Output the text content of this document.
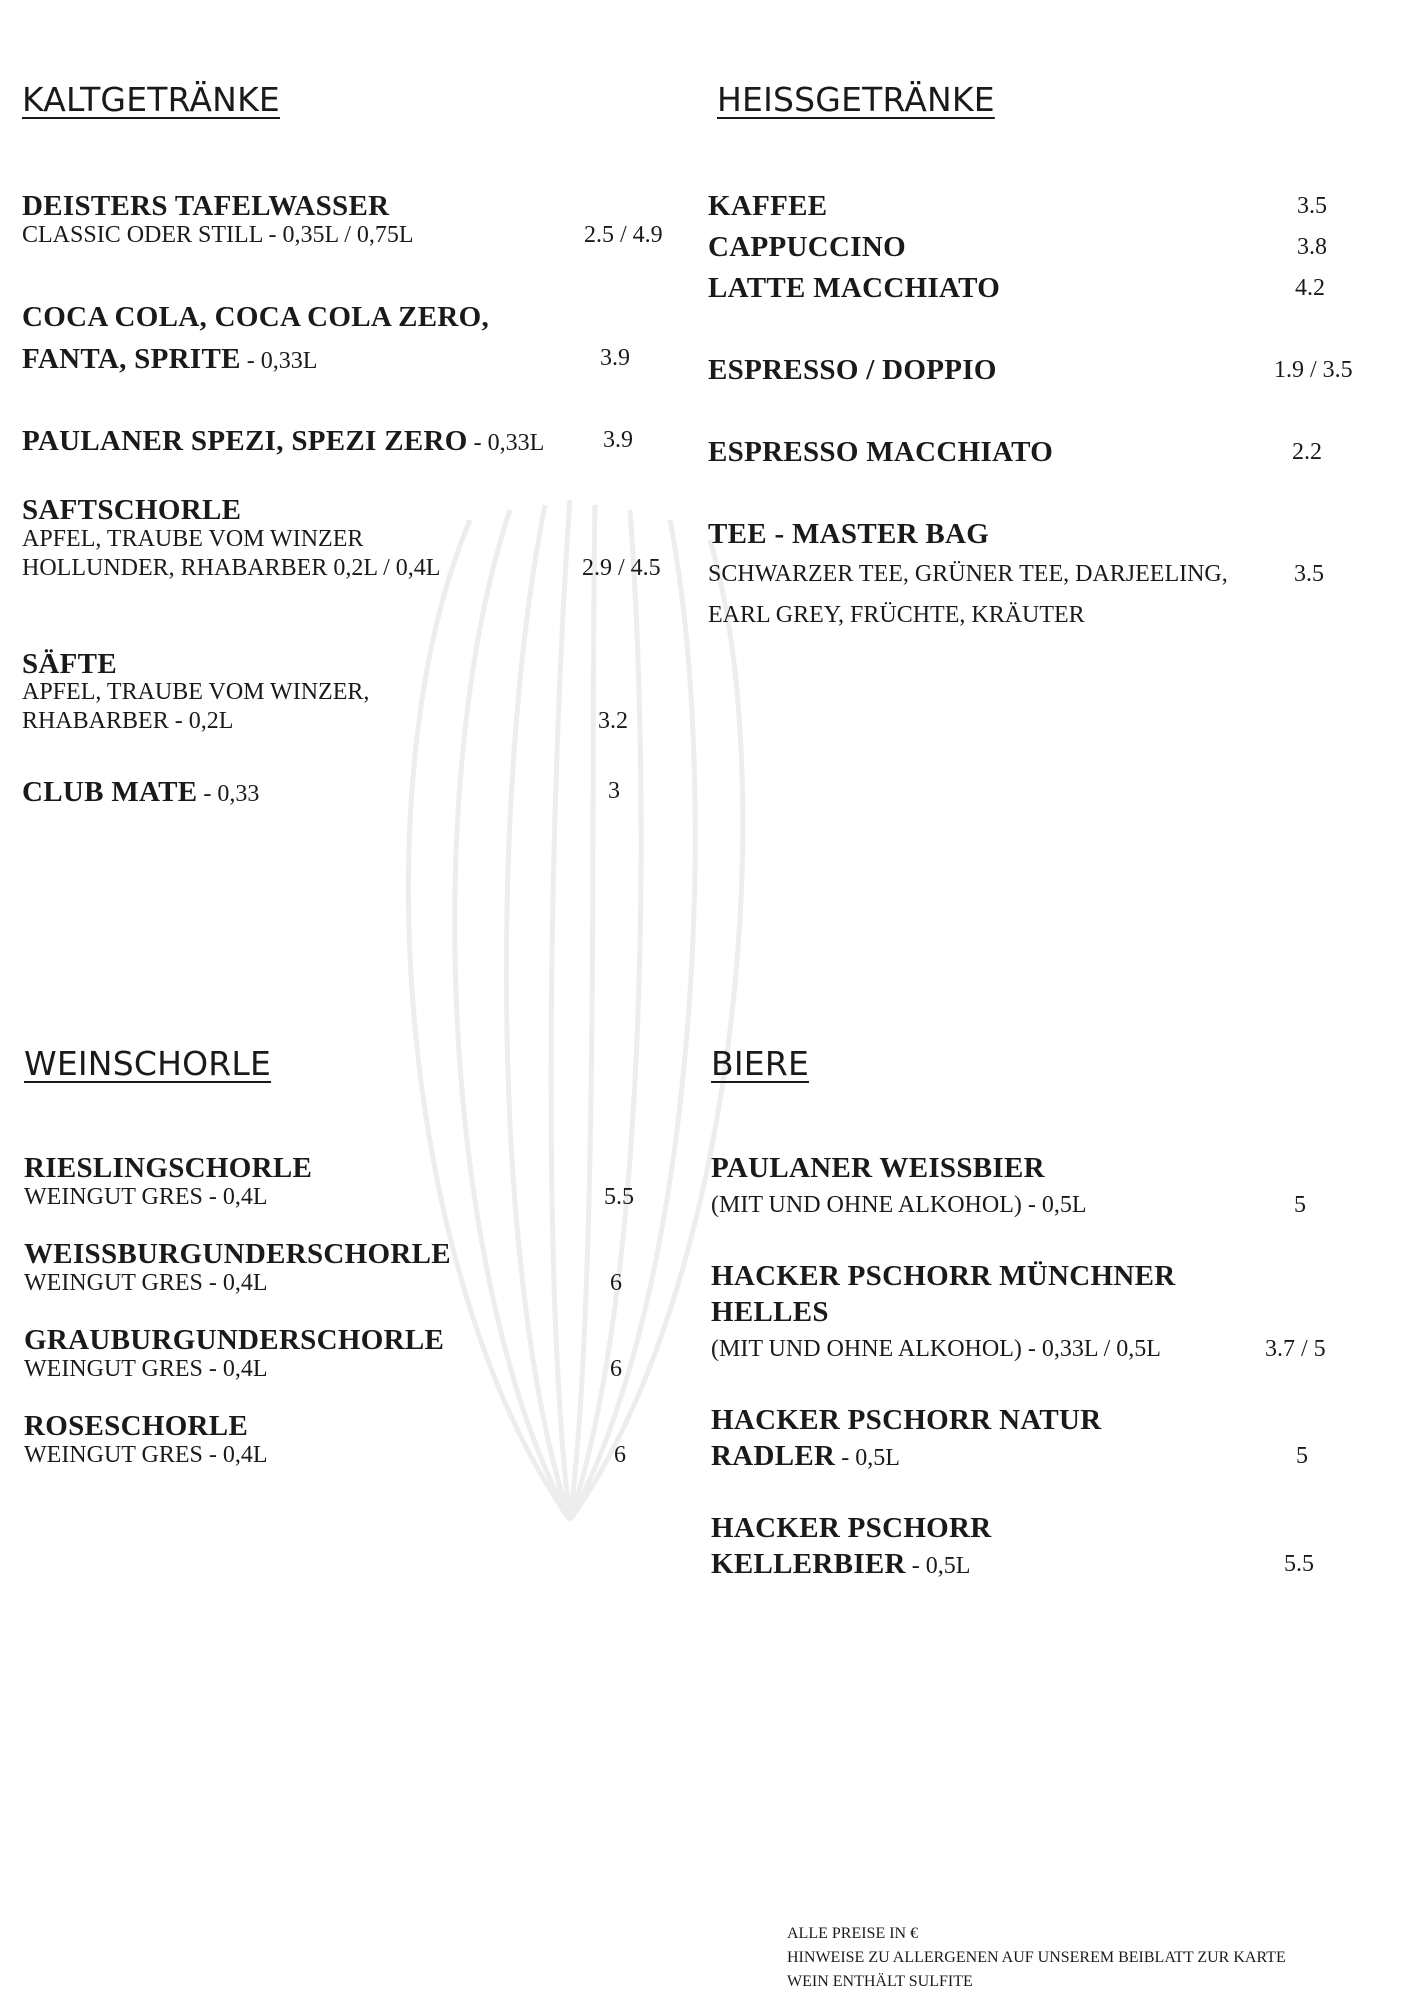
KALTGETRÄNKE
DEISTERS TAFELWASSER
CLASSIC ODER STILL - 0,35L / 0,75L	2.5 / 4.9
COCA COLA, COCA COLA ZERO,
FANTA, SPRITE - 0,33L	3.9
PAULANER SPEZI, SPEZI ZERO - 0,33L 3.9
SAFTSCHORLE
APFEL, TRAUBE VOM WINZER
HOLLUNDER, RHABARBER 0,2L / 0,4L	2.9 / 4.5
SÄFTE
APFEL, TRAUBE VOM WINZER,
RHABARBER - 0,2L	3.2
CLUB MATE - 0,33	3
HEISSGETRÄNKE
KAFFEE	3.5
CAPPUCCINO	3.8
LATTE MACCHIATO	4.2
ESPRESSO / DOPPIO	1.9 / 3.5
ESPRESSO MACCHIATO	2.2
TEE - MASTER BAG
SCHWARZER TEE, GRÜNER TEE, DARJEELING,	3.5
EARL GREY, FRÜCHTE, KRÄUTER
WEINSCHORLE
RIESLINGSCHORLE
WEINGUT GRES - 0,4L	5.5
WEISSBURGUNDERSCHORLE
WEINGUT GRES - 0,4L	6
GRAUBURGUNDERSCHORLE
WEINGUT GRES - 0,4L	6
ROSESCHORLE
WEINGUT GRES - 0,4L	6
BIERE
PAULANER WEISSBIER
(MIT UND OHNE ALKOHOL) - 0,5L	5
HACKER PSCHORR MÜNCHNER
HELLES
(MIT UND OHNE ALKOHOL) - 0,33L / 0,5L	3.7 / 5
HACKER PSCHORR NATUR
RADLER - 0,5L	5
HACKER PSCHORR
KELLERBIER - 0,5L	5.5
ALLE PREISE IN €
HINWEISE ZU ALLERGENEN AUF UNSEREM BEIBLATT ZUR KARTE
WEIN ENTHÄLT SULFITE
